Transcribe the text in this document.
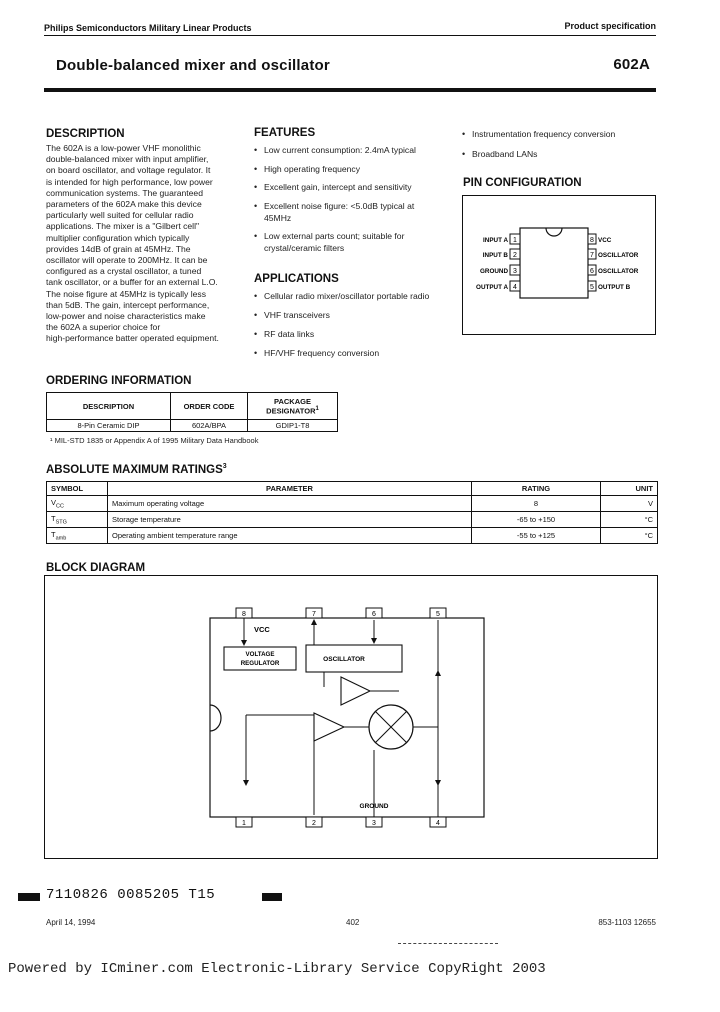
Philips Semiconductors Military Linear Products	Product specification
Double-balanced mixer and oscillator	602A
DESCRIPTION
The 602A is a low-power VHF monolithic
double-balanced mixer with input amplifier,
on board oscillator, and voltage regulator. It
is intended for high performance, low power
communication systems. The guaranteed
parameters of the 602A make this device
particularly well suited for cellular radio
applications. The mixer is a "Gilbert cell"
multiplier configuration which typically
provides 14dB of grain at 45MHz. The
oscillator will operate to 200MHz. It can be
configured as a crystal oscillator, a tuned
tank oscillator, or a buffer for an external L.O.
The noise figure at 45MHz is typically less
than 5dB. The gain, intercept performance,
low-power and noise characteristics make
the 602A a superior choice for
high-performance batter operated equipment.
FEATURES
• Low current consumption: 2.4mA typical
• High operating frequency
• Excellent gain, intercept and sensitivity
• Excellent noise figure: <5.0dB typical at
45MHz
• Low external parts count; suitable for
crystal/ceramic filters
APPLICATIONS
• Cellular radio mixer/oscillator portable radio
• VHF transceivers
• RF data links
• HF/VHF frequency conversion
• Instrumentation frequency conversion
• Broadband LANs
PIN CONFIGURATION
1
INPUT A
2
INPUT B
3
GROUND
4
OUTPUT A
8 VCC
7 OSCILLATOR
6 OSCILLATOR
5 OUTPUT B
ORDERING INFORMATION
DESCRIPTION	ORDER CODE	PACKAGE
DESIGNATOR$^1$
8-Pin Ceramic DIP	602A/BPA	GDIP1-T8
¹ MIL-STD 1835 or Appendix A of 1995 Military Data Handbook
ABSOLUTE MAXIMUM RATINGS$^3$
SYMBOL	PARAMETER	RATING	UNIT
$V_{CC}$	Maximum operating voltage	8	V
$T_{STG}$	Storage temperature	-65 to +150	°C
$T_{amb}$	Operating ambient temperature range	-55 to +125	°C
BLOCK DIAGRAM
8	7	6	5
1	2	3	4
VCC
VOLTAGE
REGULATOR
OSCILLATOR
GROUND
7110826 0085205 T15
April 14, 1994	402	853-1103 12655
Powered by ICminer.com Electronic-Library Service CopyRight 2003
